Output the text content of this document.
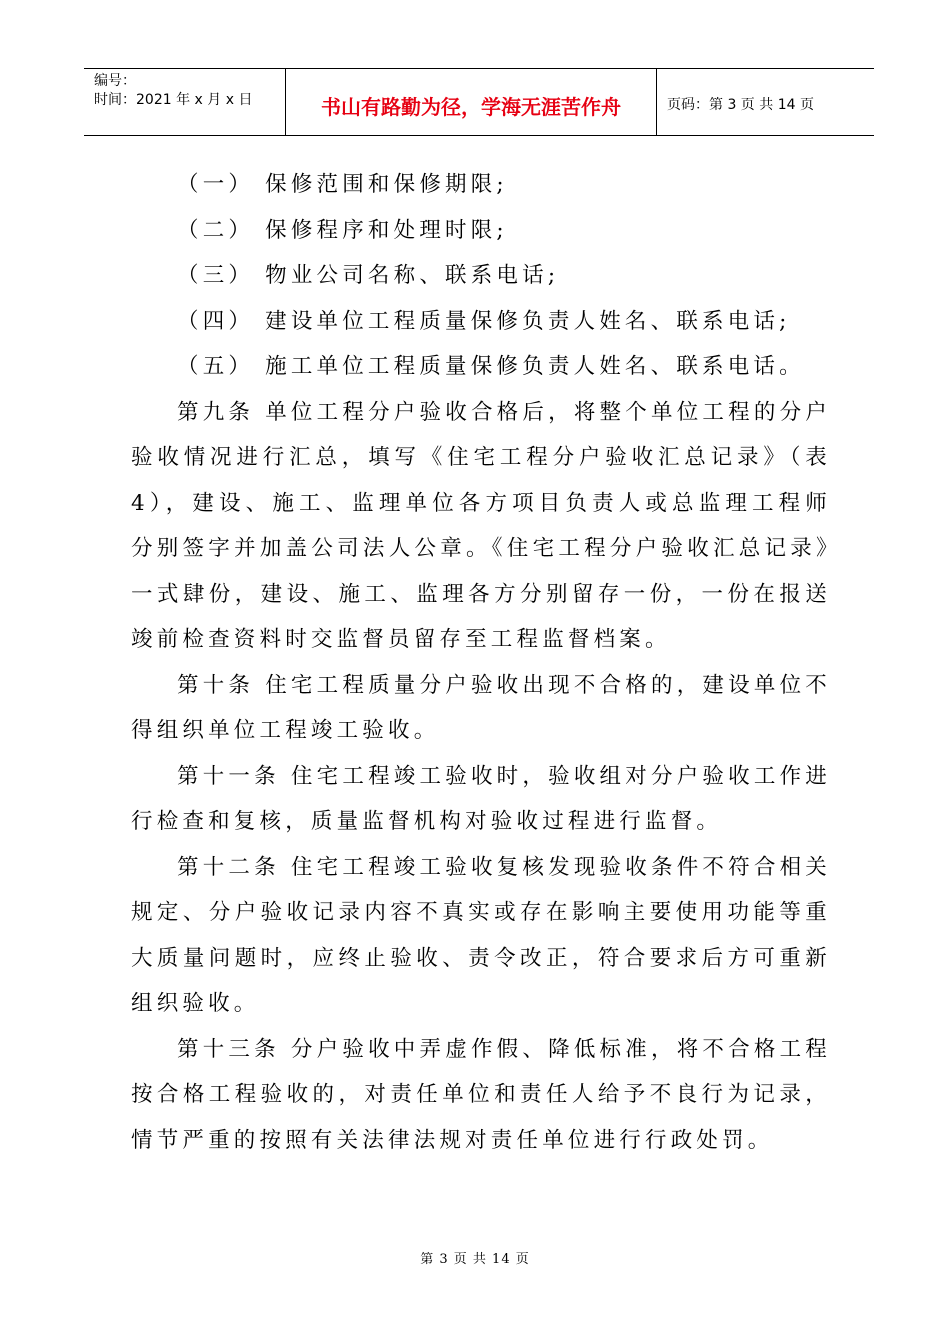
编号：
时间：2021 年 x 月 x 日	书山有路勤为径，学海无涯苦作舟	页码：第 3 页 共 14 页

（一） 保修范围和保修期限;

（二） 保修程序和处理时限;

（三） 物业公司名称、联系电话;

（四） 建设单位工程质量保修负责人姓名、联系电话;

（五） 施工单位工程质量保修负责人姓名、联系电话。

第九条 单位工程分户验收合格后，将整个单位工程的分户验收情况进行汇总，填写《住宅工程分户验收汇总记录》（表4），建设、施工、监理单位各方项目负责人或总监理工程师分别签字并加盖公司法人公章。《住宅工程分户验收汇总记录》一式肆份，建设、施工、监理各方分别留存一份，一份在报送竣前检查资料时交监督员留存至工程监督档案。

第十条 住宅工程质量分户验收出现不合格的，建设单位不得组织单位工程竣工验收。

第十一条 住宅工程竣工验收时，验收组对分户验收工作进行检查和复核，质量监督机构对验收过程进行监督。

第十二条 住宅工程竣工验收复核发现验收条件不符合相关规定、分户验收记录内容不真实或存在影响主要使用功能等重大质量问题时，应终止验收、责令改正，符合要求后方可重新组织验收。

第十三条 分户验收中弄虚作假、降低标准，将不合格工程按合格工程验收的，对责任单位和责任人给予不良行为记录，情节严重的按照有关法律法规对责任单位进行行政处罚。

第 3 页 共 14 页
